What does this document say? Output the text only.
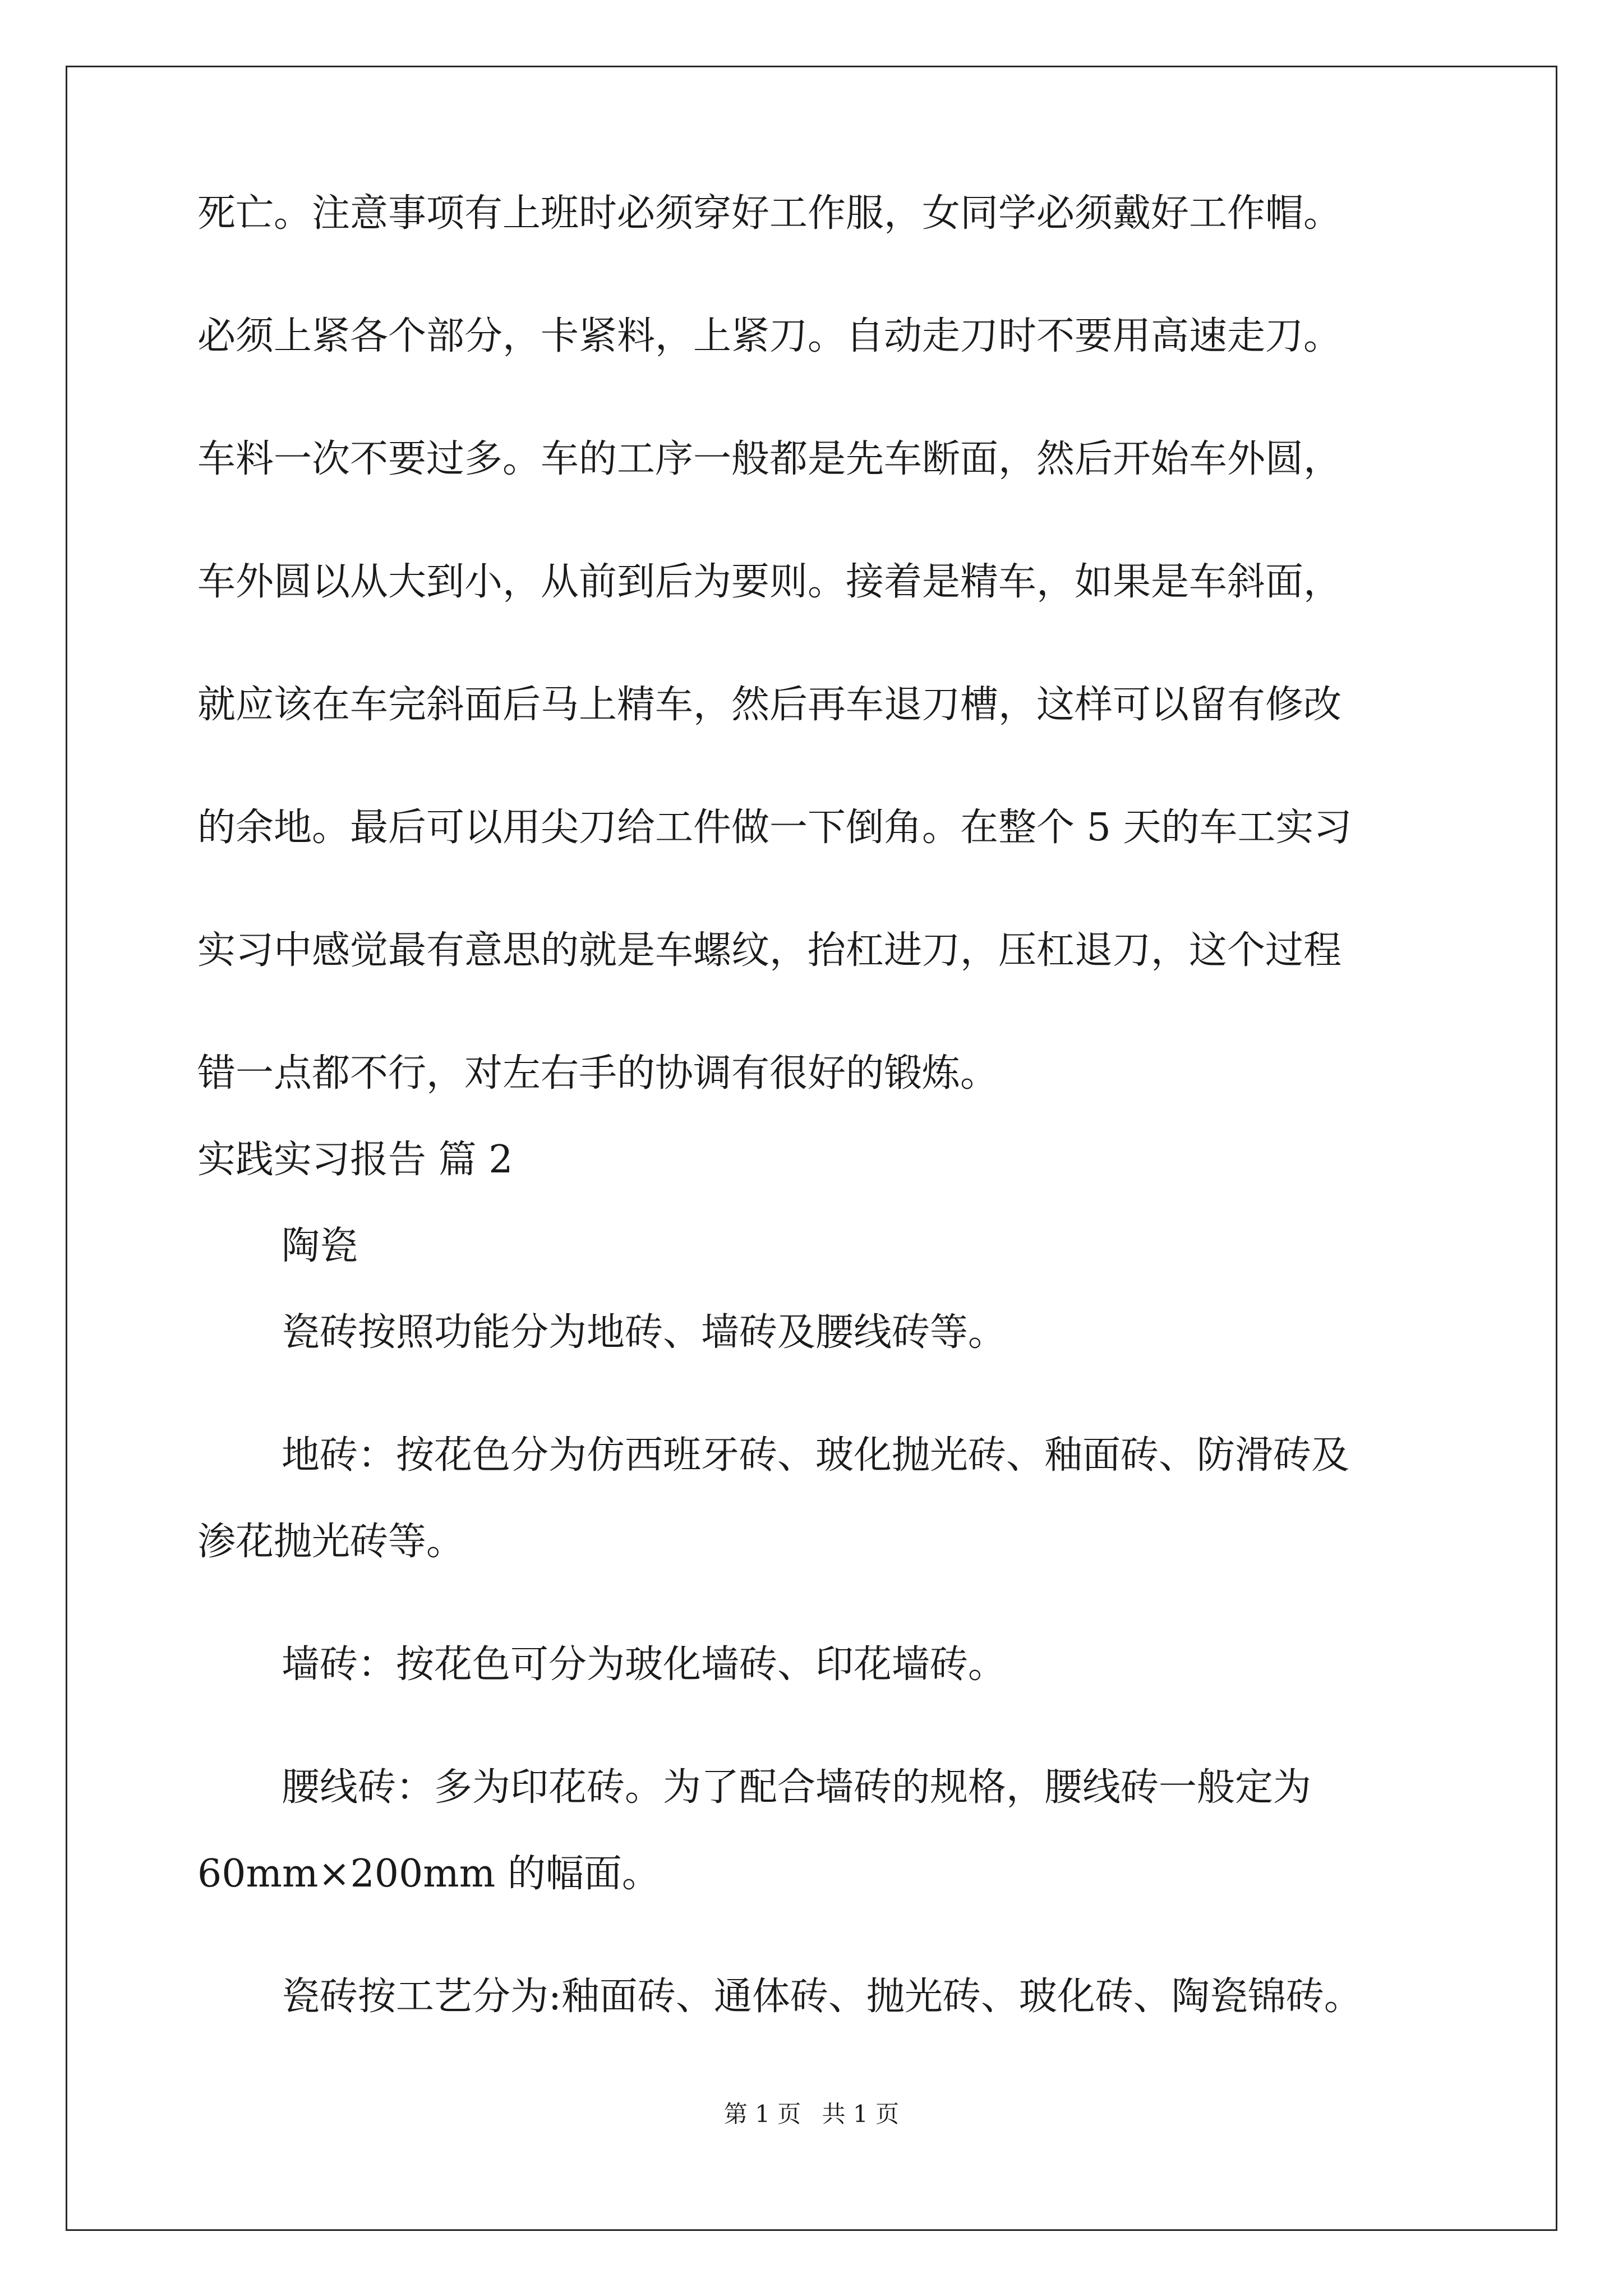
死亡。注意事项有上班时必须穿好工作服，女同学必须戴好工作帽。
必须上紧各个部分，卡紧料，上紧刀。自动走刀时不要用高速走刀。
车料一次不要过多。车的工序一般都是先车断面，然后开始车外圆，
车外圆以从大到小，从前到后为要则。接着是精车，如果是车斜面，
就应该在车完斜面后马上精车，然后再车退刀槽，这样可以留有修改
的余地。最后可以用尖刀给工件做一下倒角。在整个 5 天的车工实习
实习中感觉最有意思的就是车螺纹，抬杠进刀，压杠退刀，这个过程
错一点都不行，对左右手的协调有很好的锻炼。
实践实习报告 篇 2
陶瓷
瓷砖按照功能分为地砖、墙砖及腰线砖等。
地砖：按花色分为仿西班牙砖、玻化抛光砖、釉面砖、防滑砖及
渗花抛光砖等。
墙砖：按花色可分为玻化墙砖、印花墙砖。
腰线砖：多为印花砖。为了配合墙砖的规格，腰线砖一般定为
60mm×200mm 的幅面。
瓷砖按工艺分为:釉面砖、通体砖、抛光砖、玻化砖、陶瓷锦砖。
第 1 页 共 1 页
